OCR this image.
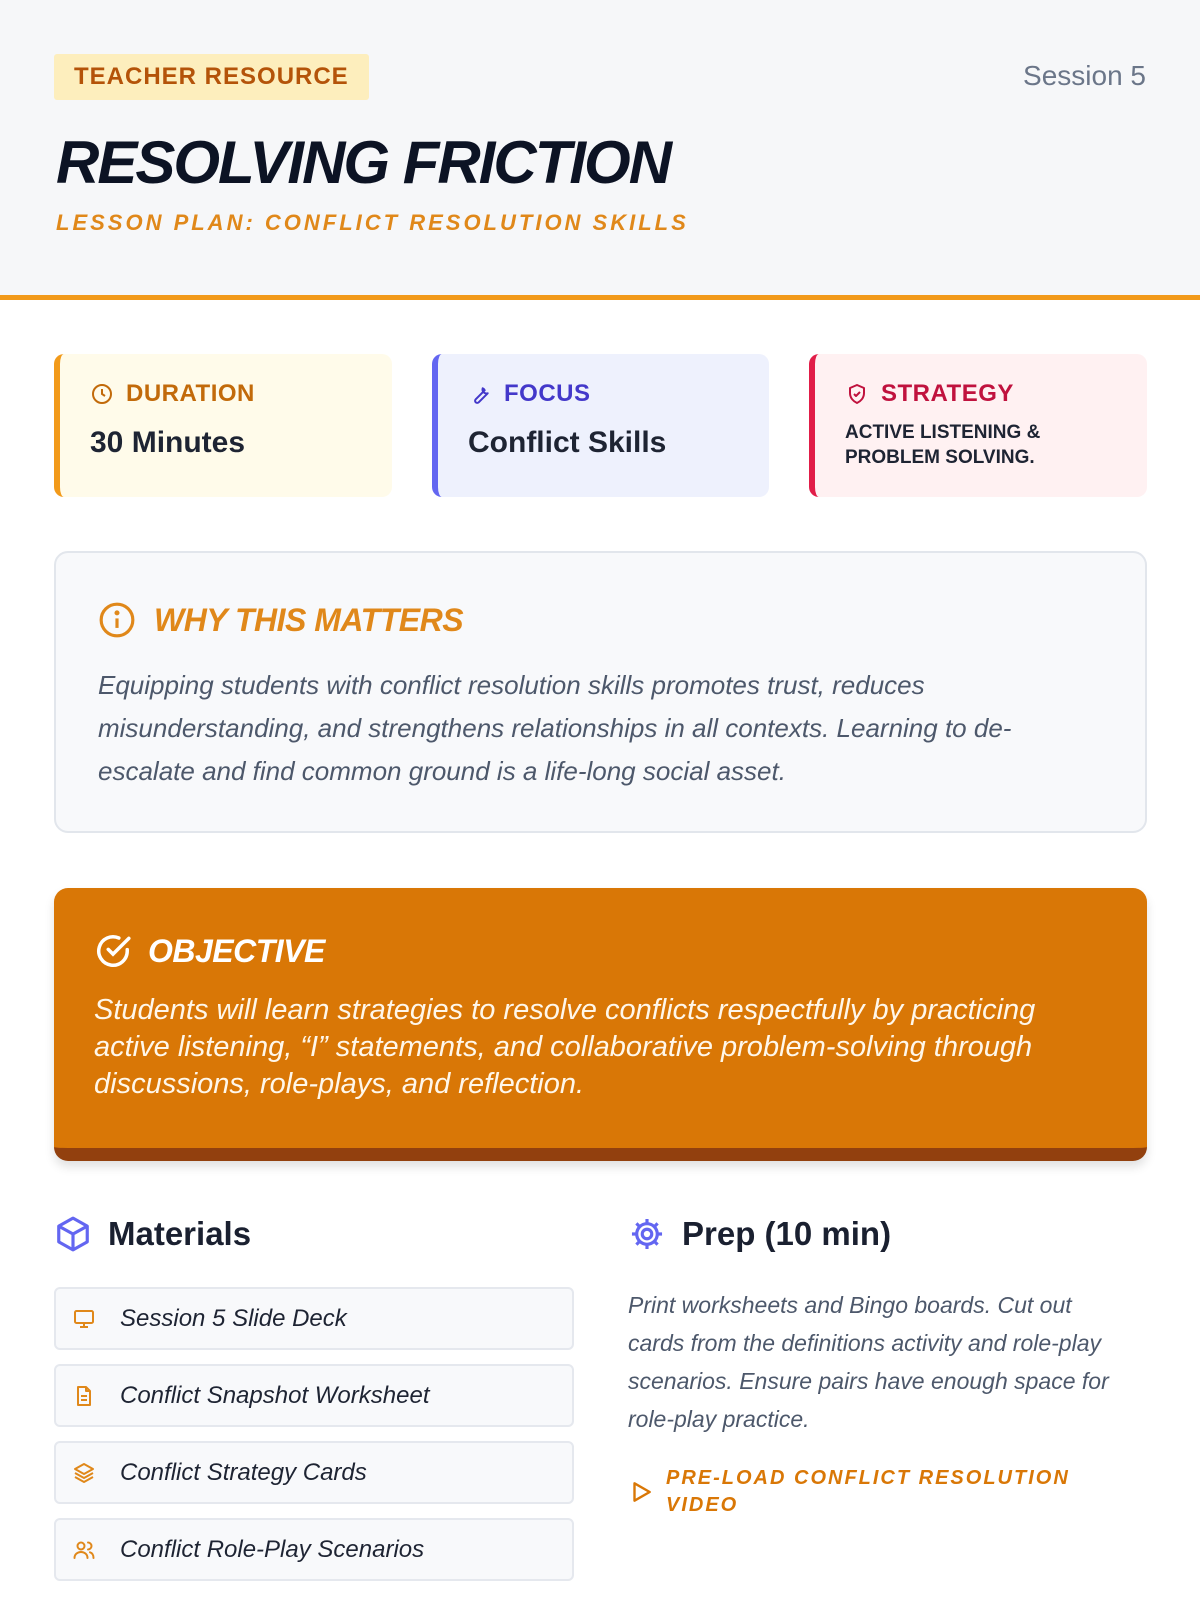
TEACHER RESOURCE	Session 5
RESOLVING FRICTION
LESSON PLAN: CONFLICT RESOLUTION SKILLS
DURATION
30 Minutes
FOCUS
Conflict Skills
STRATEGY
ACTIVE LISTENING & PROBLEM SOLVING.
WHY THIS MATTERS
Equipping students with conflict resolution skills promotes trust, reduces misunderstanding, and strengthens relationships in all contexts. Learning to de-escalate and find common ground is a life-long social asset.
OBJECTIVE
Students will learn strategies to resolve conflicts respectfully by practicing active listening, “I” statements, and collaborative problem-solving through discussions, role-plays, and reflection.
Materials
Session 5 Slide Deck
Conflict Snapshot Worksheet
Conflict Strategy Cards
Conflict Role-Play Scenarios
Prep (10 min)
Print worksheets and Bingo boards. Cut out cards from the definitions activity and role-play scenarios. Ensure pairs have enough space for role-play practice.
PRE-LOAD CONFLICT RESOLUTION VIDEO
